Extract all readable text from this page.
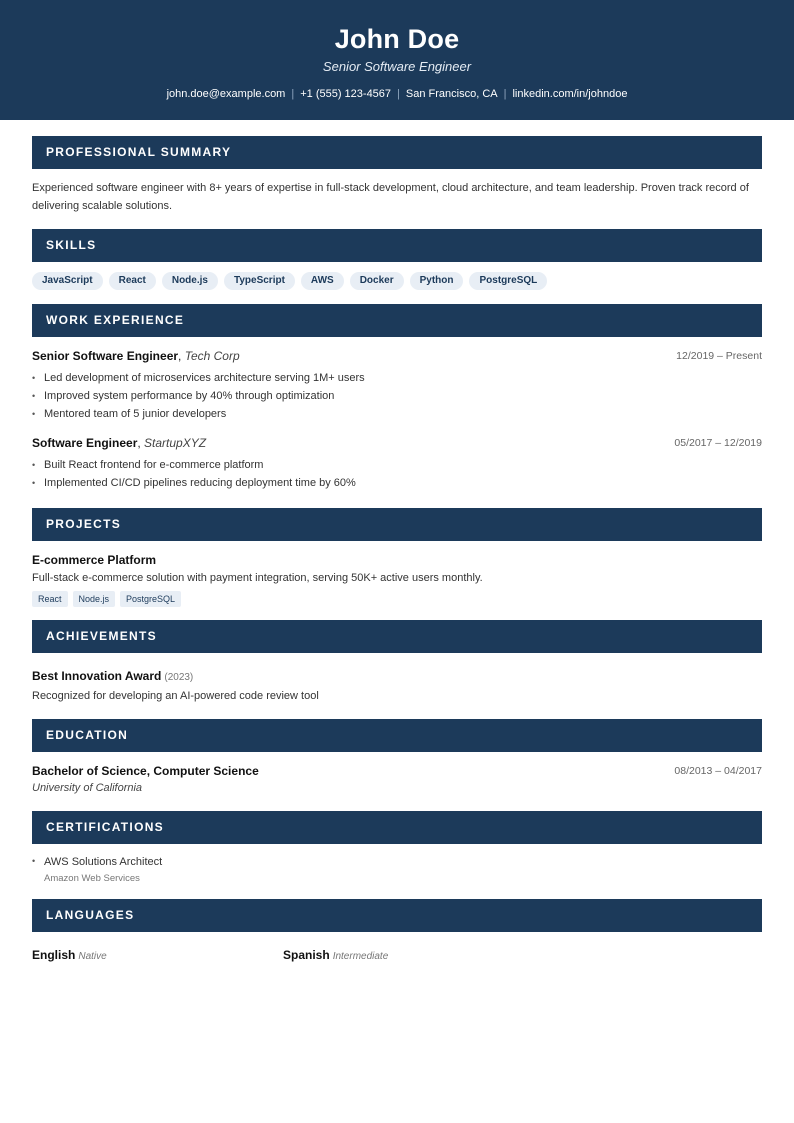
John Doe
Senior Software Engineer
john.doe@example.com | +1 (555) 123-4567 | San Francisco, CA | linkedin.com/in/johndoe
PROFESSIONAL SUMMARY
Experienced software engineer with 8+ years of expertise in full-stack development, cloud architecture, and team leadership. Proven track record of delivering scalable solutions.
SKILLS
JavaScript	React	Node.js	TypeScript	AWS	Docker	Python	PostgreSQL
WORK EXPERIENCE
Senior Software Engineer, Tech Corp	12/2019 – Present
• Led development of microservices architecture serving 1M+ users
• Improved system performance by 40% through optimization
• Mentored team of 5 junior developers
Software Engineer, StartupXYZ	05/2017 – 12/2019
• Built React frontend for e-commerce platform
• Implemented CI/CD pipelines reducing deployment time by 60%
PROJECTS
E-commerce Platform
Full-stack e-commerce solution with payment integration, serving 50K+ active users monthly.
React	Node.js	PostgreSQL
ACHIEVEMENTS
Best Innovation Award (2023)
Recognized for developing an AI-powered code review tool
EDUCATION
Bachelor of Science, Computer Science	08/2013 – 04/2017
University of California
CERTIFICATIONS
• AWS Solutions Architect
Amazon Web Services
LANGUAGES
English Native	Spanish Intermediate
